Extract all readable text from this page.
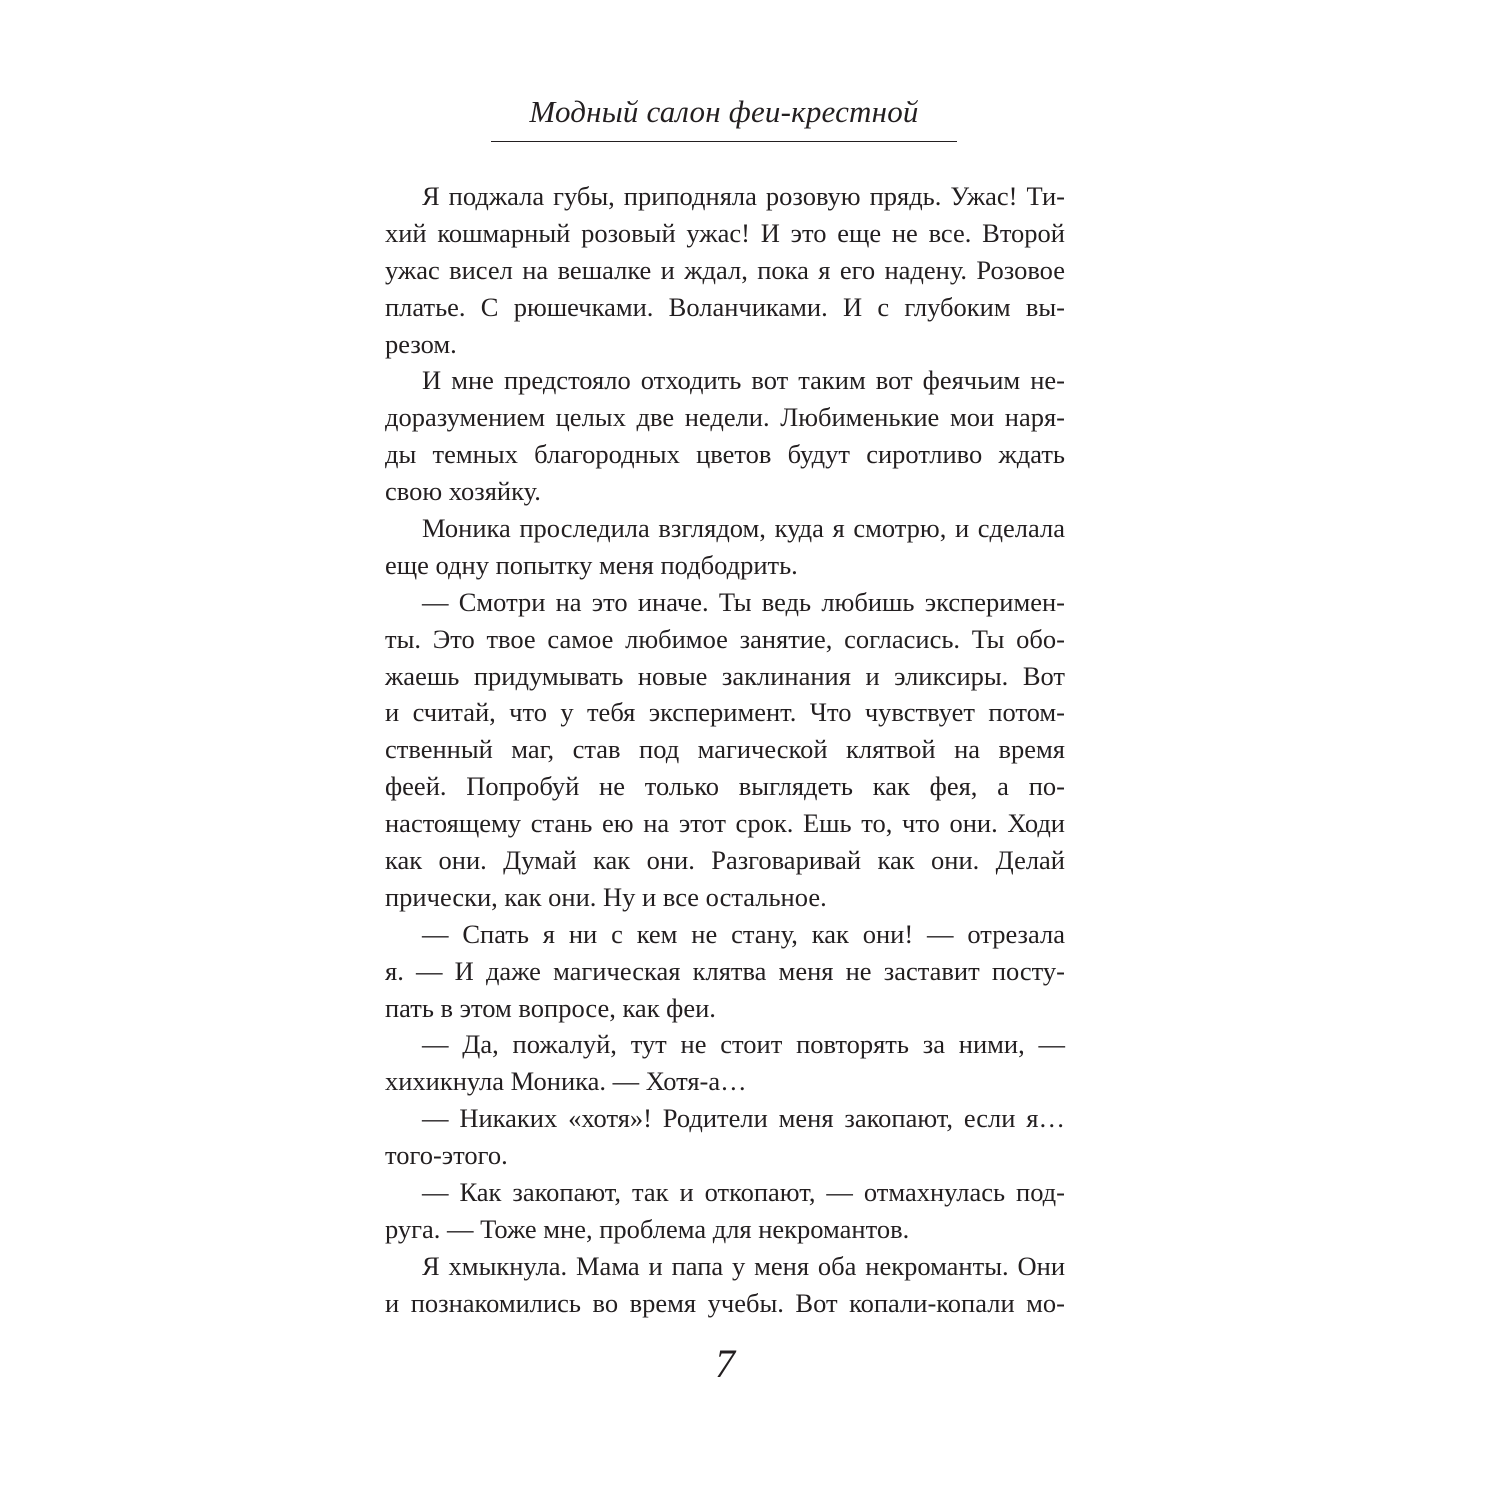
Модный салон феи-крестной
Я поджала губы, приподняла розовую прядь. Ужас! Ти-
хий кошмарный розовый ужас! И это еще не все. Второй
ужас висел на вешалке и ждал, пока я его надену. Розовое
платье. С рюшечками. Воланчиками. И с глубоким вы-
резом.
И мне предстояло отходить вот таким вот феячьим не-
доразумением целых две недели. Любименькие мои наря-
ды темных благородных цветов будут сиротливо ждать
свою хозяйку.
Моника проследила взглядом, куда я смотрю, и сделала
еще одну попытку меня подбодрить.
— Смотри на это иначе. Ты ведь любишь эксперимен-
ты. Это твое самое любимое занятие, согласись. Ты обо-
жаешь придумывать новые заклинания и эликсиры. Вот
и считай, что у тебя эксперимент. Что чувствует потом-
ственный маг, став под магической клятвой на время
феей. Попробуй не только выглядеть как фея, а по-
настоящему стань ею на этот срок. Ешь то, что они. Ходи
как они. Думай как они. Разговаривай как они. Делай
прически, как они. Ну и все остальное.
— Спать я ни с кем не стану, как они! — отрезала
я. — И даже магическая клятва меня не заставит посту-
пать в этом вопросе, как феи.
— Да, пожалуй, тут не стоит повторять за ними, —
хихикнула Моника. — Хотя-а…
— Никаких «хотя»! Родители меня закопают, если я…
того-этого.
— Как закопают, так и откопают, — отмахнулась под-
руга. — Тоже мне, проблема для некромантов.
Я хмыкнула. Мама и папа у меня оба некроманты. Они
и познакомились во время учебы. Вот копали-копали мо-
7
